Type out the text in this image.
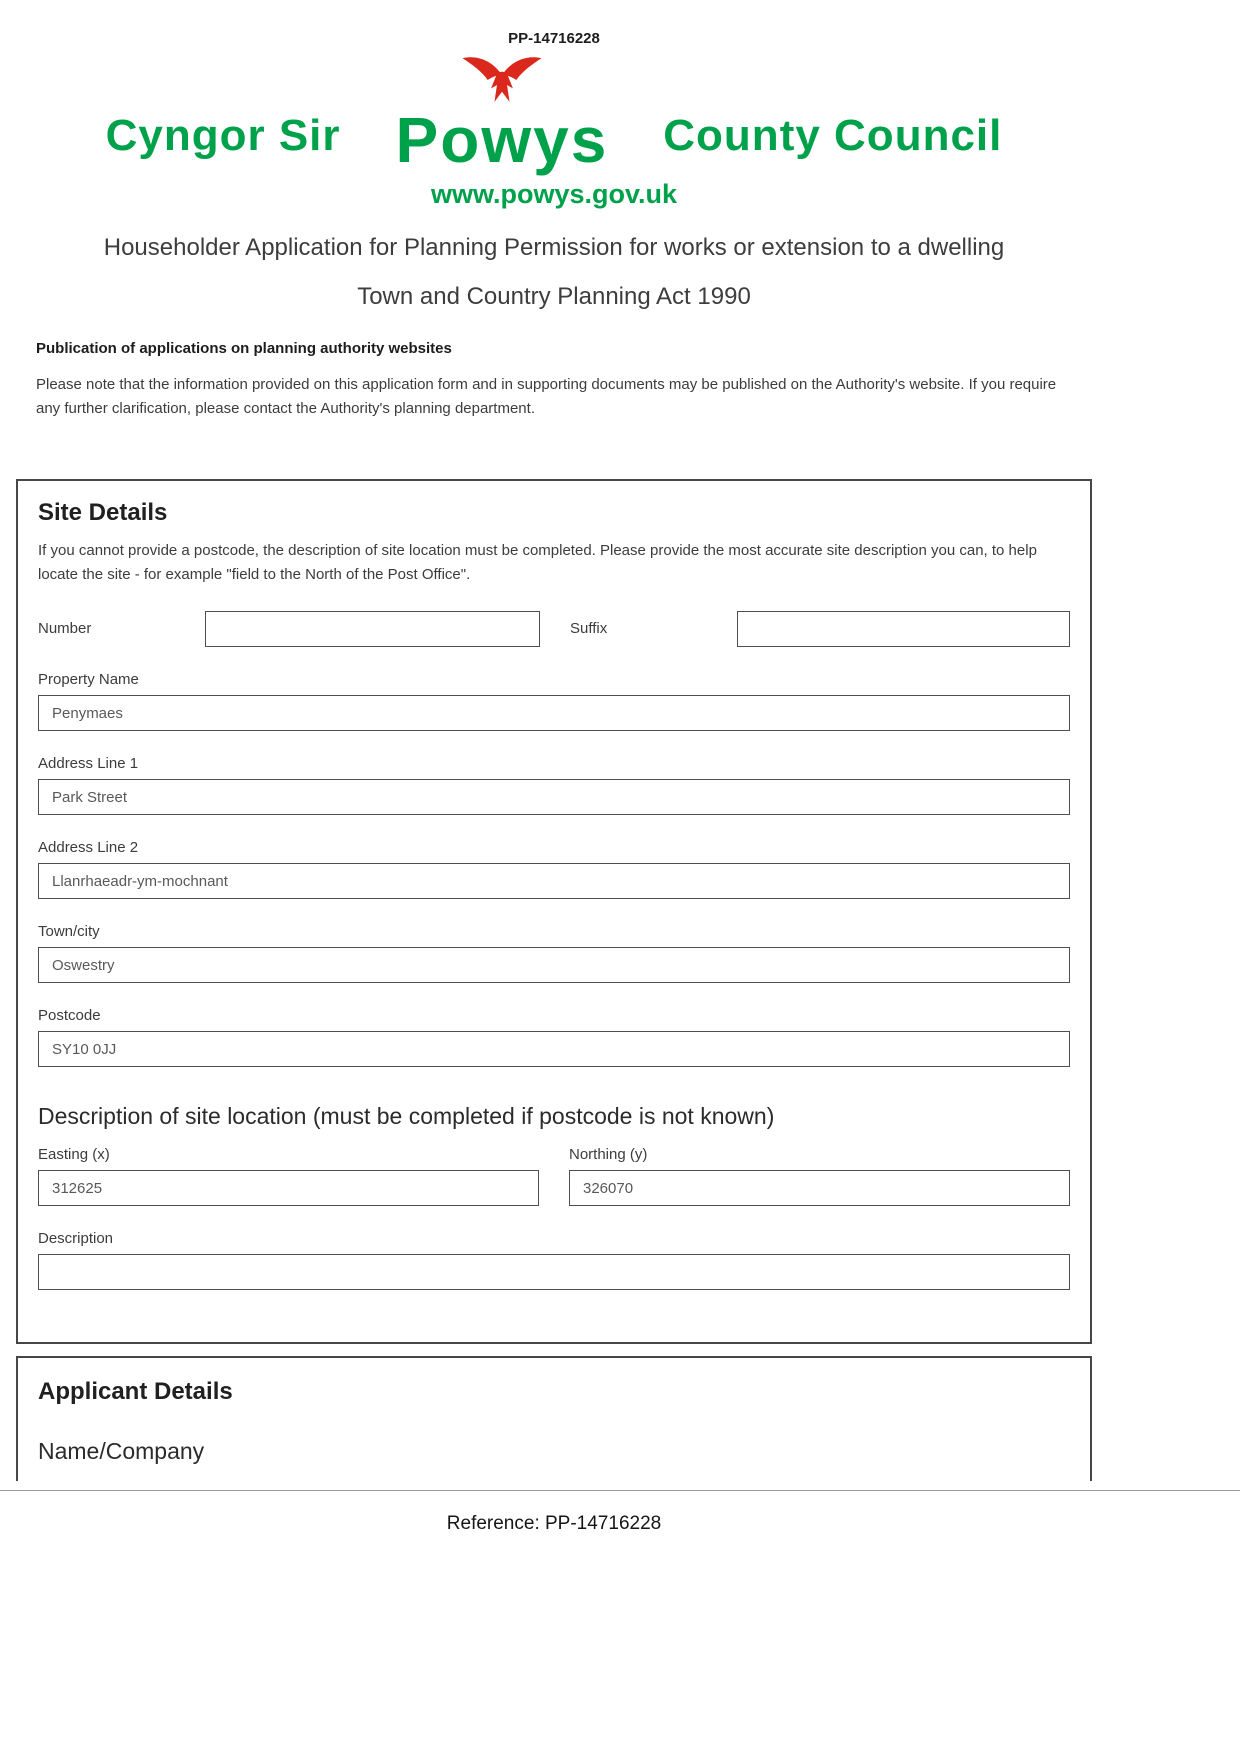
PP-14716228
Cyngor Sir Powys County Council
www.powys.gov.uk
Householder Application for Planning Permission for works or extension to a dwelling
Town and Country Planning Act 1990
Publication of applications on planning authority websites

Please note that the information provided on this application form and in supporting documents may be published on the Authority's website. If you require any further clarification, please contact the Authority's planning department.

Site Details

If you cannot provide a postcode, the description of site location must be completed. Please provide the most accurate site description you can, to help locate the site - for example "field to the North of the Post Office".

Number	Suffix
Property Name
Penymaes
Address Line 1
Park Street
Address Line 2
Llanrhaeadr-ym-mochnant
Town/city
Oswestry
Postcode
SY10 0JJ
Description of site location (must be completed if postcode is not known)
Easting (x)
312625	Northing (y)
326070
Description
Applicant Details
Name/Company
Reference: PP-14716228
